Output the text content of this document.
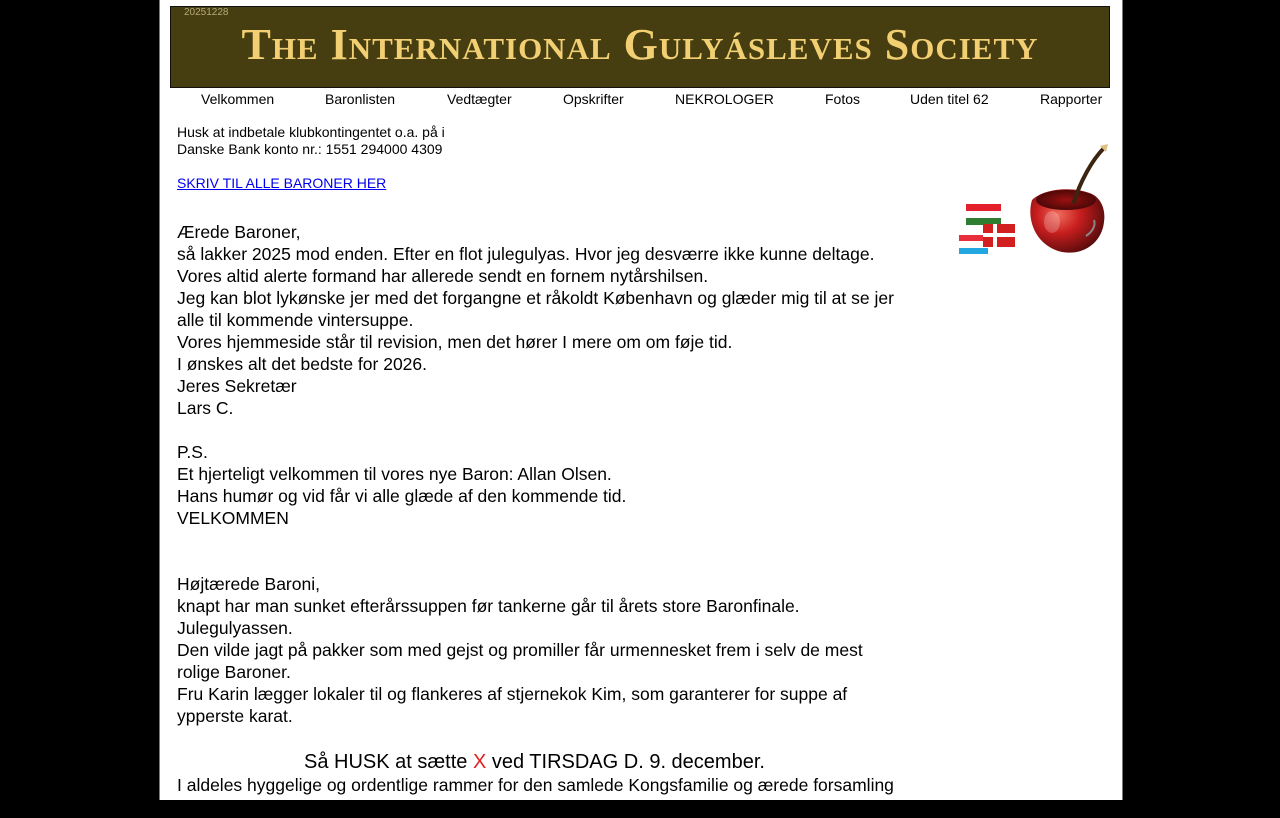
20251228
The International Gulyásleves Society
Velkommen	Baronlisten	Vedtægter	Opskrifter	NEKROLOGER	Fotos	Uden titel 62	Rapporter
Husk at indbetale klubkontingentet o.a. på i
Danske Bank konto nr.: 1551 294000 4309
SKRIV TIL ALLE BARONER HER

Ærede Baroner,

så lakker 2025 mod enden. Efter en flot julegulyas. Hvor jeg desværre ikke kunne deltage.

Vores altid alerte formand har allerede sendt en fornem nytårshilsen.

Jeg kan blot lykønske jer med det forgangne et råkoldt København og glæder mig til at se jer alle til kommende vintersuppe.

Vores hjemmeside står til revision, men det hører I mere om om føje tid.

I ønskes alt det bedste for 2026.

Jeres Sekretær

Lars C.

P.S.

Et hjerteligt velkommen til vores nye Baron: Allan Olsen.

Hans humør og vid får vi alle glæde af den kommende tid.

VELKOMMEN

Højtærede Baroni,

knapt har man sunket efterårssuppen før tankerne går til årets store Baronfinale.

Julegulyassen.

Den vilde jagt på pakker som med gejst og promiller får urmennesket frem i selv de mest rolige Baroner.

Fru Karin lægger lokaler til og flankeres af stjernekok Kim, som garanterer for suppe af ypperste karat.

Så HUSK at sætte X ved TIRSDAG D. 9. december.

I aldeles hyggelige og ordentlige rammer for den samlede Kongsfamilie og ærede forsamling af udvalgte Baroner.
